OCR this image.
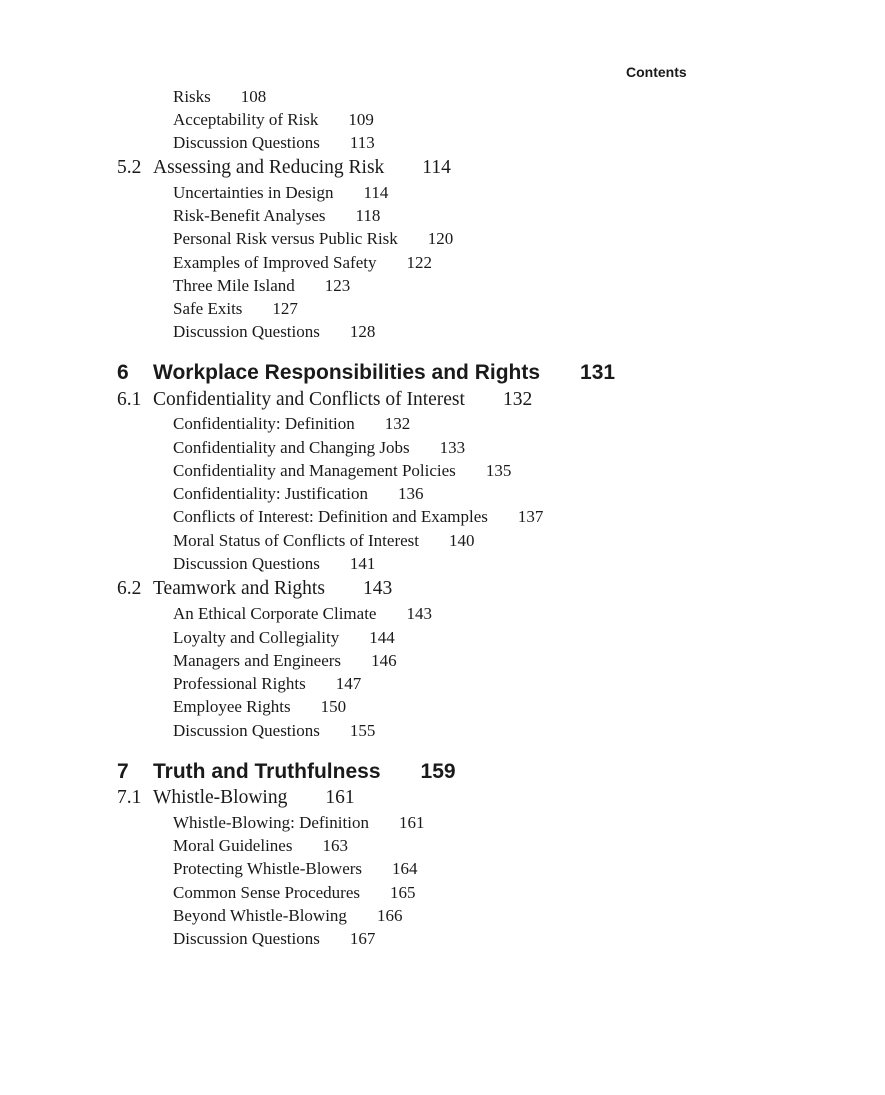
Contents
Risks 108
Acceptability of Risk 109
Discussion Questions 113
5.2 Assessing and Reducing Risk 114
Uncertainties in Design 114
Risk-Benefit Analyses 118
Personal Risk versus Public Risk 120
Examples of Improved Safety 122
Three Mile Island 123
Safe Exits 127
Discussion Questions 128
6 Workplace Responsibilities and Rights 131
6.1 Confidentiality and Conflicts of Interest 132
Confidentiality: Definition 132
Confidentiality and Changing Jobs 133
Confidentiality and Management Policies 135
Confidentiality: Justification 136
Conflicts of Interest: Definition and Examples 137
Moral Status of Conflicts of Interest 140
Discussion Questions 141
6.2 Teamwork and Rights 143
An Ethical Corporate Climate 143
Loyalty and Collegiality 144
Managers and Engineers 146
Professional Rights 147
Employee Rights 150
Discussion Questions 155
7 Truth and Truthfulness 159
7.1 Whistle-Blowing 161
Whistle-Blowing: Definition 161
Moral Guidelines 163
Protecting Whistle-Blowers 164
Common Sense Procedures 165
Beyond Whistle-Blowing 166
Discussion Questions 167
